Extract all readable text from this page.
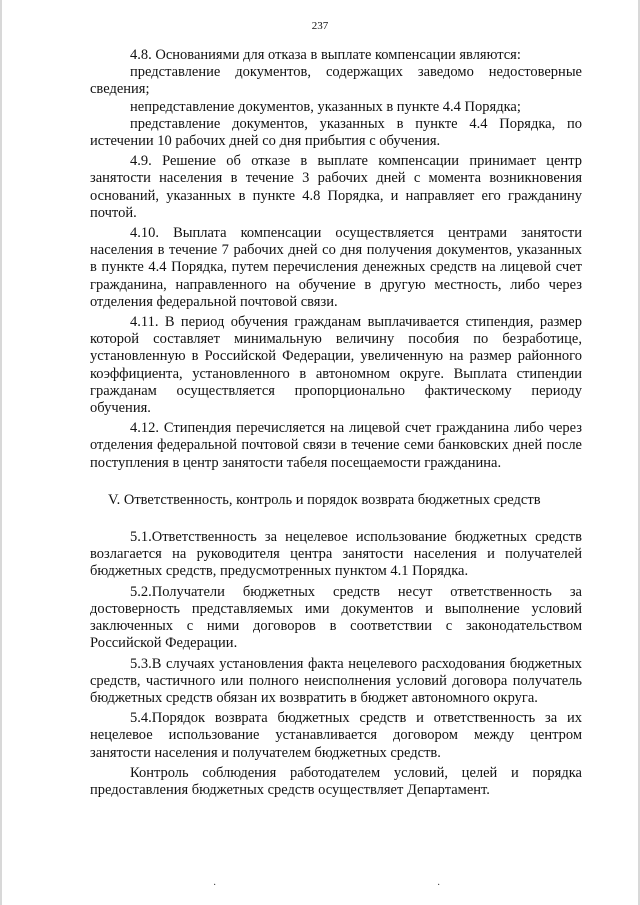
237

4.8. Основаниями для отказа в выплате компенсации являются:

представление документов, содержащих заведомо недостоверные сведения;

непредставление документов, указанных в пункте 4.4 Порядка;

представление документов, указанных в пункте 4.4 Порядка, по истечении 10 рабочих дней со дня прибытия с обучения.

4.9. Решение об отказе в выплате компенсации принимает центр занятости населения в течение 3 рабочих дней с момента возникновения оснований, указанных в пункте 4.8 Порядка, и направляет его гражданину почтой.

4.10. Выплата компенсации осуществляется центрами занятости населения в течение 7 рабочих дней со дня получения документов, указанных в пункте 4.4 Порядка, путем перечисления денежных средств на лицевой счет гражданина, направленного на обучение в другую местность, либо через отделения федеральной почтовой связи.

4.11. В период обучения гражданам выплачивается стипендия, размер которой составляет минимальную величину пособия по безработице, установленную в Российской Федерации, увеличенную на размер районного коэффициента, установленного в автономном округе. Выплата стипендии гражданам осуществляется пропорционально фактическому периоду обучения.

4.12. Стипендия перечисляется на лицевой счет гражданина либо через отделения федеральной почтовой связи в течение семи банковских дней после поступления в центр занятости табеля посещаемости гражданина.

V. Ответственность, контроль и порядок возврата бюджетных средств

5.1.Ответственность за нецелевое использование бюджетных средств возлагается на руководителя центра занятости населения и получателей бюджетных средств, предусмотренных пунктом 4.1 Порядка.

5.2.Получатели бюджетных средств несут ответственность за достоверность представляемых ими документов и выполнение условий заключенных с ними договоров в соответствии с законодательством Российской Федерации.

5.3.В случаях установления факта нецелевого расходования бюджетных средств, частичного или полного неисполнения условий договора получатель бюджетных средств обязан их возвратить в бюджет автономного округа.

5.4.Порядок возврата бюджетных средств и ответственность за их нецелевое использование устанавливается договором между центром занятости населения и получателем бюджетных средств.

Контроль соблюдения работодателем условий, целей и порядка предоставления бюджетных средств осуществляет Департамент.

·	·
